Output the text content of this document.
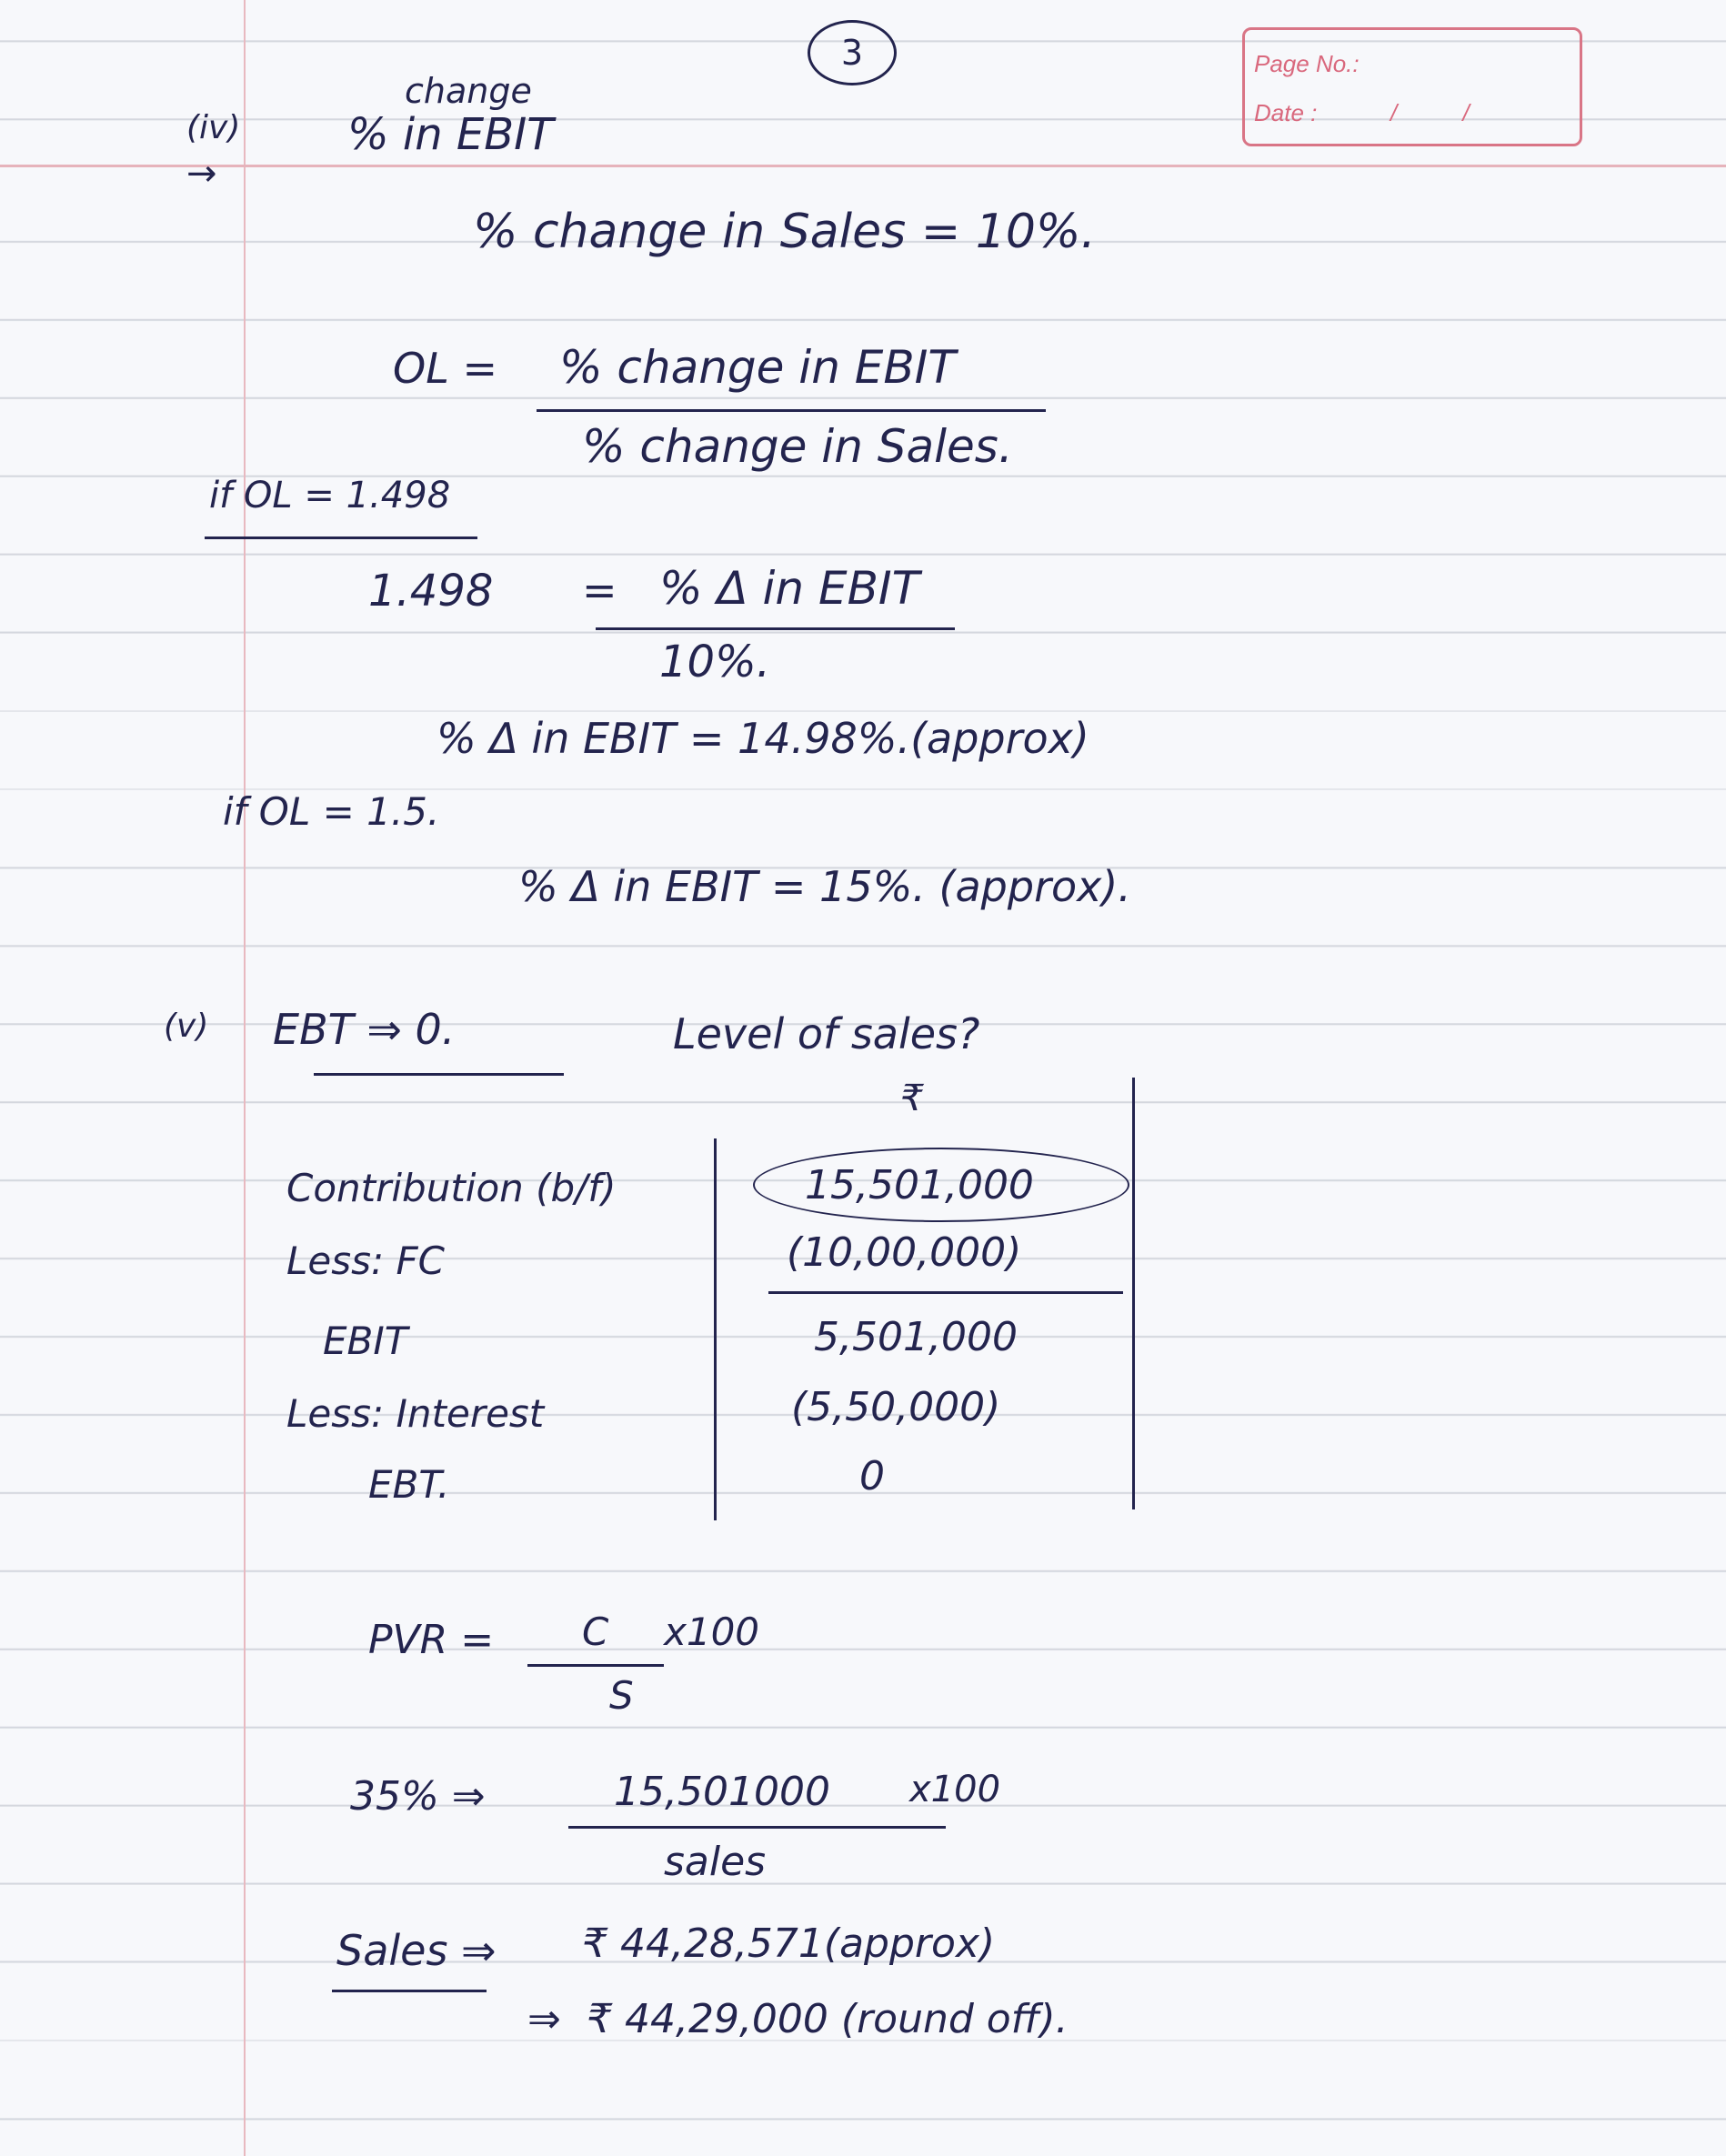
3	Page No.:
Date :	/          /
(iv)
→
change
% in EBIT
% change in Sales = 10%.
OL = % change in EBIT
% change in Sales.
if OL = 1.498
1.498 = % Δ in EBIT
10%.
% Δ in EBIT = 14.98%.(approx)
if OL = 1.5.
% Δ in EBIT = 15%. (approx).
(v) EBT ⇒ 0.	Level of sales?
₹
Contribution (b/f)	15,501,000
Less: FC	(10,00,000)
EBIT	5,501,000
Less: Interest	(5,50,000)
EBT.	0
PVR = C x100
S
35% ⇒	15,501000 x100
sales
Sales ⇒ ₹ 44,28,571(approx)
⇒ ₹ 44,29,000 (round off).
